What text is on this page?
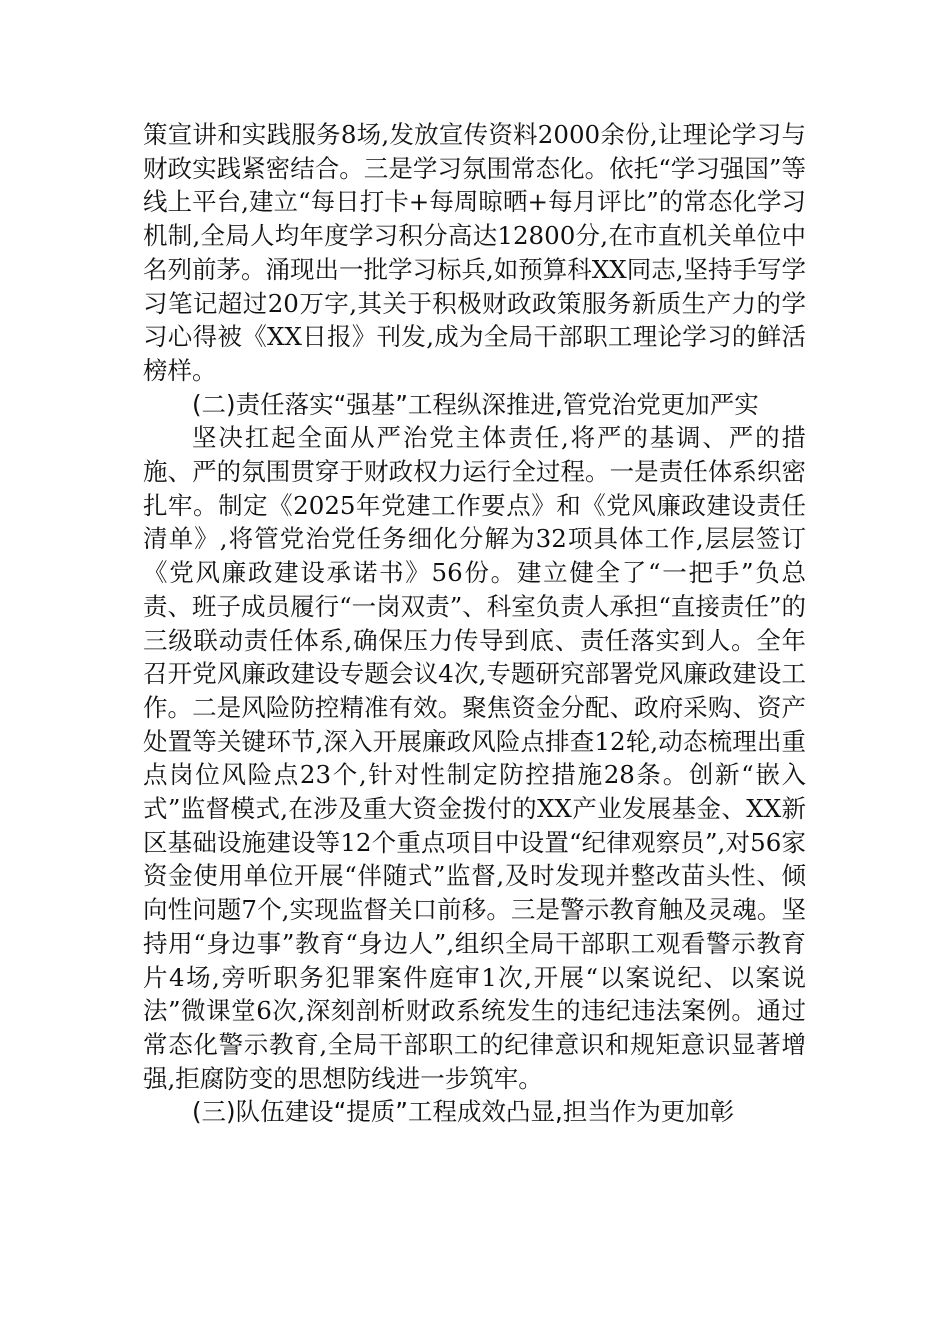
策宣讲和实践服务8场,发放宣传资料2000余份,让理论学习与财政实践紧密结合。三是学习氛围常态化。依托“学习强国”等线上平台,建立“每日打卡+每周晾晒+每月评比”的常态化学习机制,全局人均年度学习积分高达12800分,在市直机关单位中名列前茅。涌现出一批学习标兵,如预算科XX同志,坚持手写学习笔记超过20万字,其关于积极财政政策服务新质生产力的学习心得被《XX日报》刊发,成为全局干部职工理论学习的鲜活榜样。

(二)责任落实“强基”工程纵深推进,管党治党更加严实

坚决扛起全面从严治党主体责任,将严的基调、严的措施、严的氛围贯穿于财政权力运行全过程。一是责任体系织密扎牢。制定《2025年党建工作要点》和《党风廉政建设责任清单》,将管党治党任务细化分解为32项具体工作,层层签订《党风廉政建设承诺书》56份。建立健全了“一把手”负总责、班子成员履行“一岗双责”、科室负责人承担“直接责任”的三级联动责任体系,确保压力传导到底、责任落实到人。全年召开党风廉政建设专题会议4次,专题研究部署党风廉政建设工作。二是风险防控精准有效。聚焦资金分配、政府采购、资产处置等关键环节,深入开展廉政风险点排查12轮,动态梳理出重点岗位风险点23个,针对性制定防控措施28条。创新“嵌入式”监督模式,在涉及重大资金拨付的XX产业发展基金、XX新区基础设施建设等12个重点项目中设置“纪律观察员”,对56家资金使用单位开展“伴随式”监督,及时发现并整改苗头性、倾向性问题7个,实现监督关口前移。三是警示教育触及灵魂。坚持用“身边事”教育“身边人”,组织全局干部职工观看警示教育片4场,旁听职务犯罪案件庭审1次,开展“以案说纪、以案说法”微课堂6次,深刻剖析财政系统发生的违纪违法案例。通过常态化警示教育,全局干部职工的纪律意识和规矩意识显著增强,拒腐防变的思想防线进一步筑牢。

(三)队伍建设“提质”工程成效凸显,担当作为更加彰
